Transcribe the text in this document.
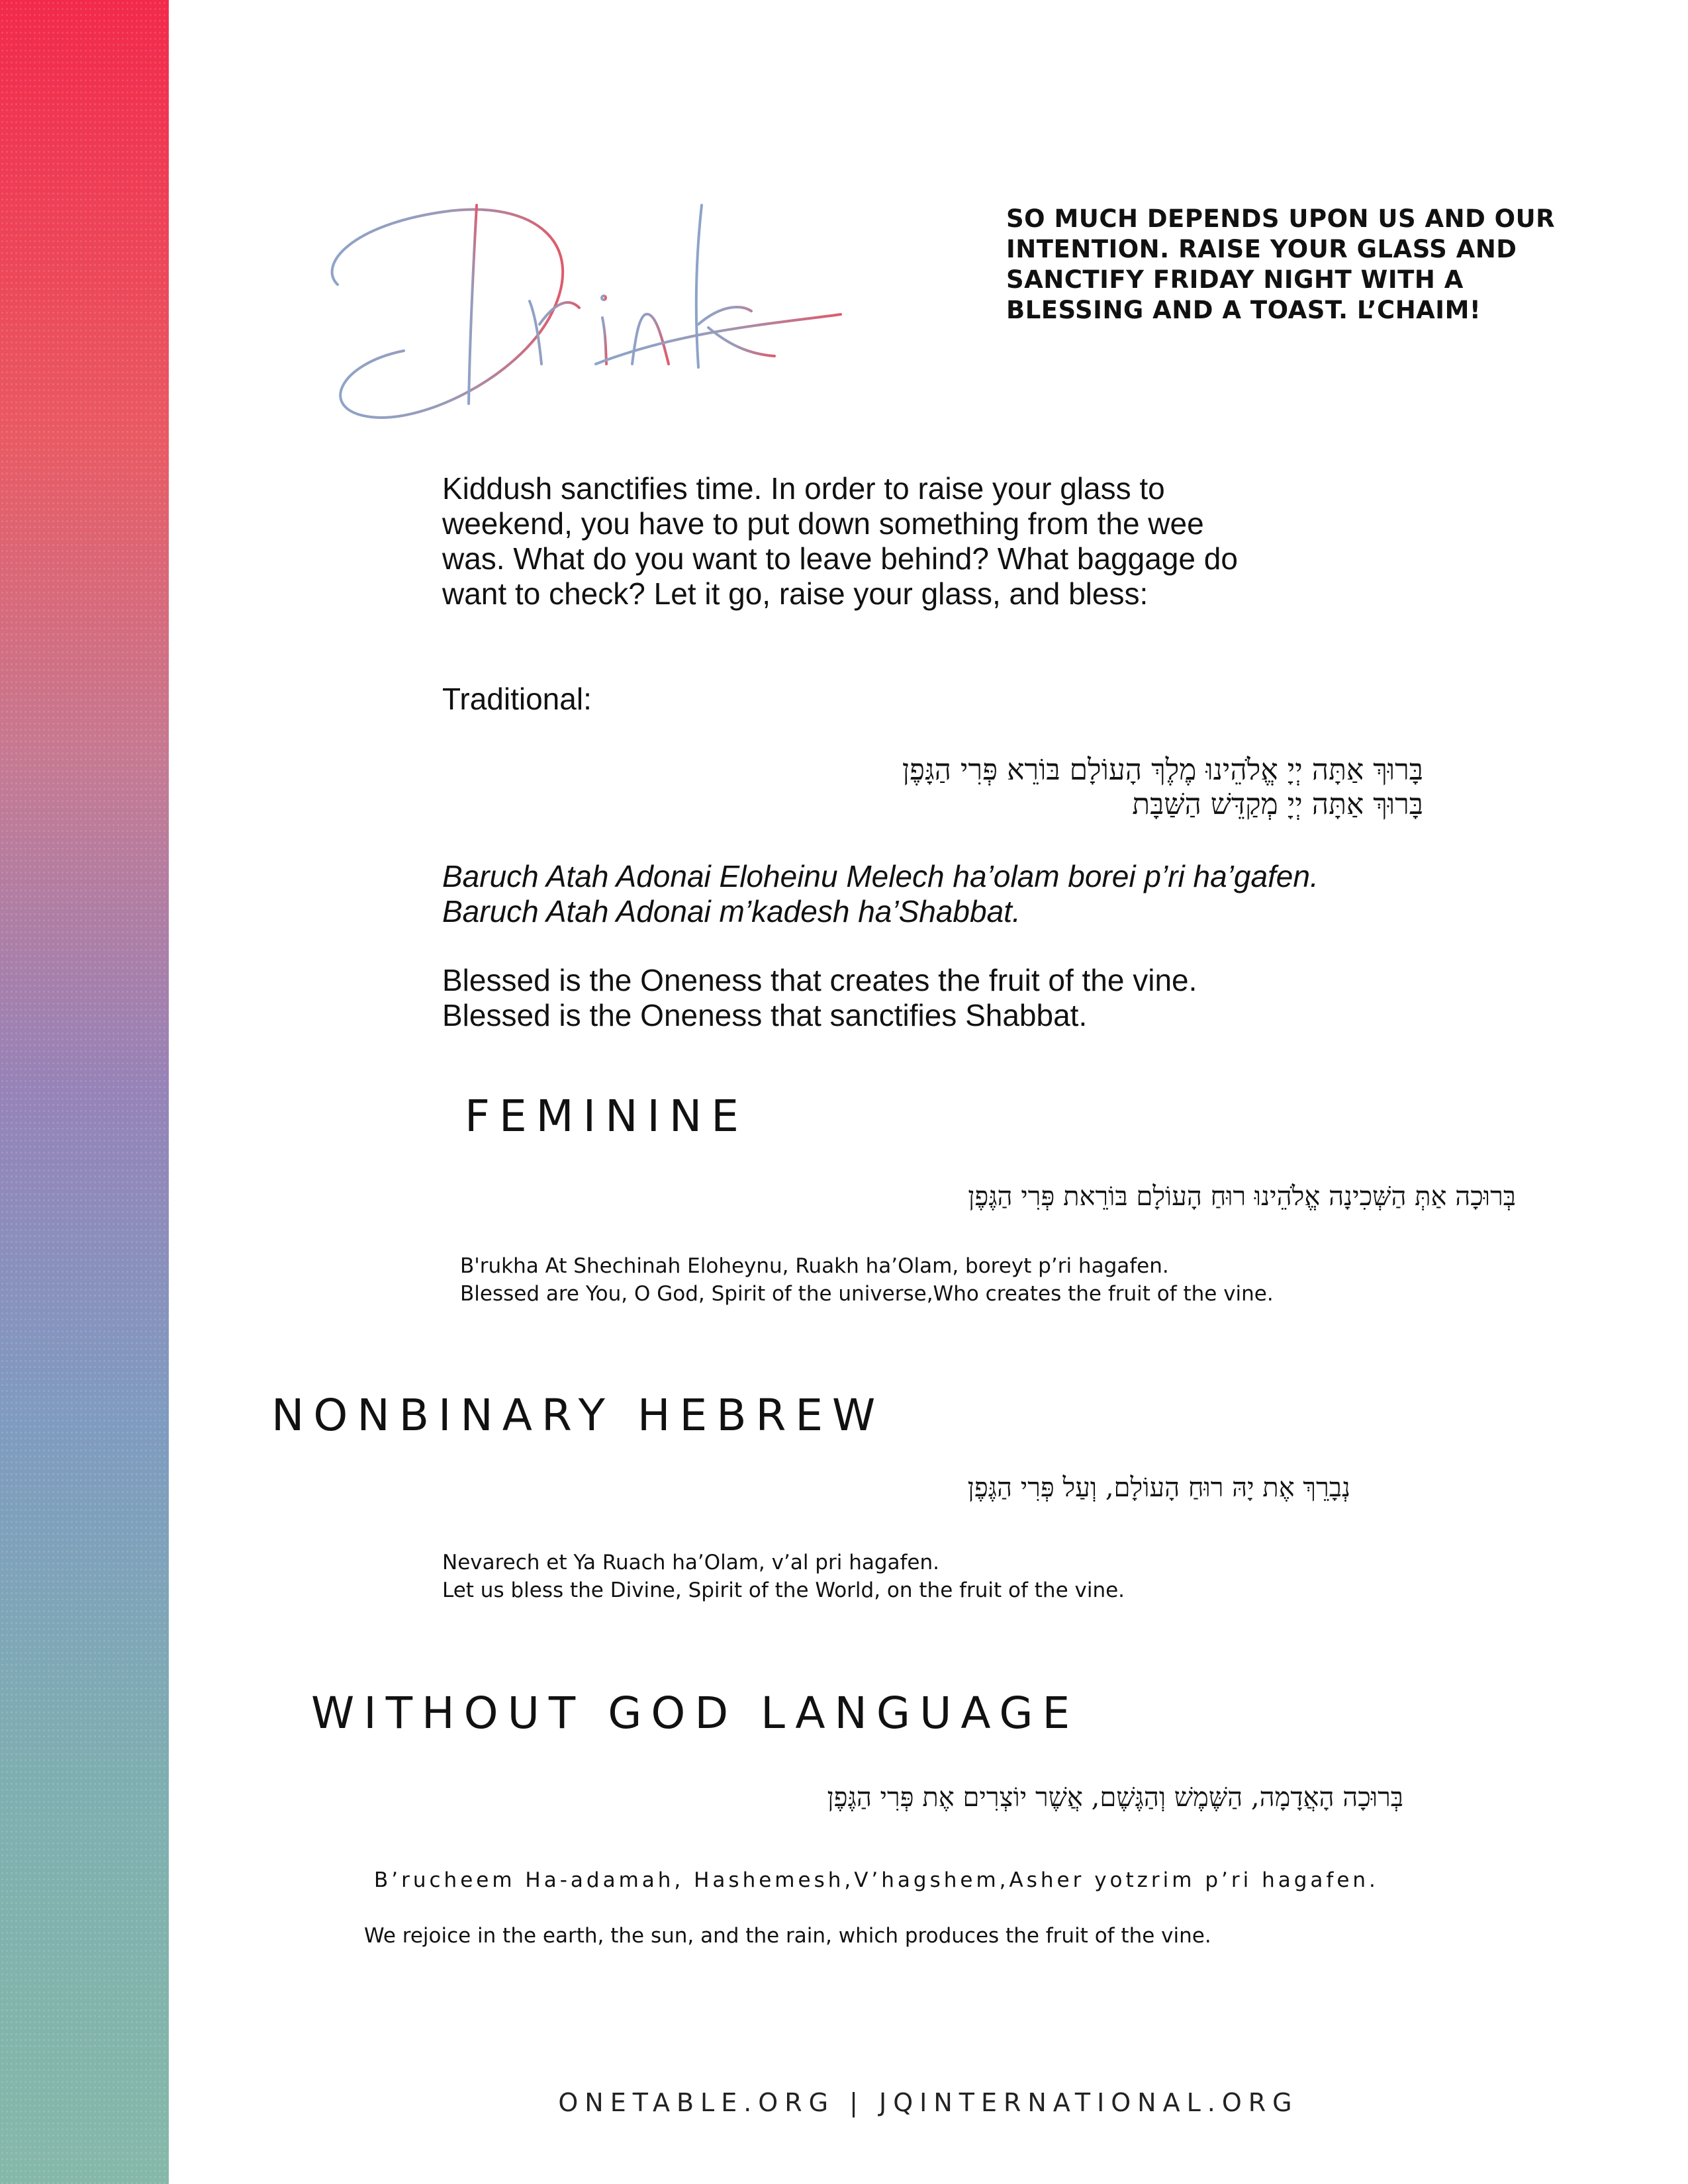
SO MUCH DEPENDS UPON US AND OUR INTENTION. RAISE YOUR GLASS AND SANCTIFY FRIDAY NIGHT WITH A BLESSING AND A TOAST. L’CHAIM!
Kiddush sanctifies time. In order to raise your glass to
weekend, you have to put down something from the wee
was. What do you want to leave behind? What baggage do
want to check? Let it go, raise your glass, and bless:
Traditional:
בָּרוּךְ אַתָּה יְיָ אֱלֹהֵינוּ מֶלֶךְ הָעוֹלָם בּוֹרֵא פְּרִי הַגָּפֶן
בָּרוּךְ אַתָּה יְיָ מְקַדֵּשׁ הַשַּׁבָּת
Baruch Atah Adonai Eloheinu Melech ha’olam borei p’ri ha’gafen.
Baruch Atah Adonai m’kadesh ha’Shabbat.
Blessed is the Oneness that creates the fruit of the vine.
Blessed is the Oneness that sanctifies Shabbat.
FEMININE
בְּרוּכָה אַתְּ הַשְּׁכִינָה אֱלֹהֵינוּ רוּחַ הָעוֹלָם בּוֹרֵאת פְּרִי הַגֶּפֶן
B'rukha At Shechinah Eloheynu, Ruakh ha’Olam, boreyt p’ri hagafen.
Blessed are You, O God, Spirit of the universe,Who creates the fruit of the vine.
NONBINARY HEBREW
נְבָרֵךְ אֶת יָהּ רוּחַ הָעוֹלָם, וְעַל פְּרִי הַגֶּפֶן
Nevarech et Ya Ruach ha’Olam, v’al pri hagafen.
Let us bless the Divine, Spirit of the World, on the fruit of the vine.
WITHOUT GOD LANGUAGE
בְּרוּכָה הָאֲדָמָה, הַשֶּׁמֶשׁ וְהַגֶּשֶׁם, אֲשֶׁר יוֹצְרִים אֶת פְּרִי הַגֶּפֶן
B’rucheem Ha-adamah, Hashemesh,V’hagshem,Asher yotzrim p’ri hagafen.
We rejoice in the earth, the sun, and the rain, which produces the fruit of the vine.
ONETABLE.ORG | JQINTERNATIONAL.ORG
